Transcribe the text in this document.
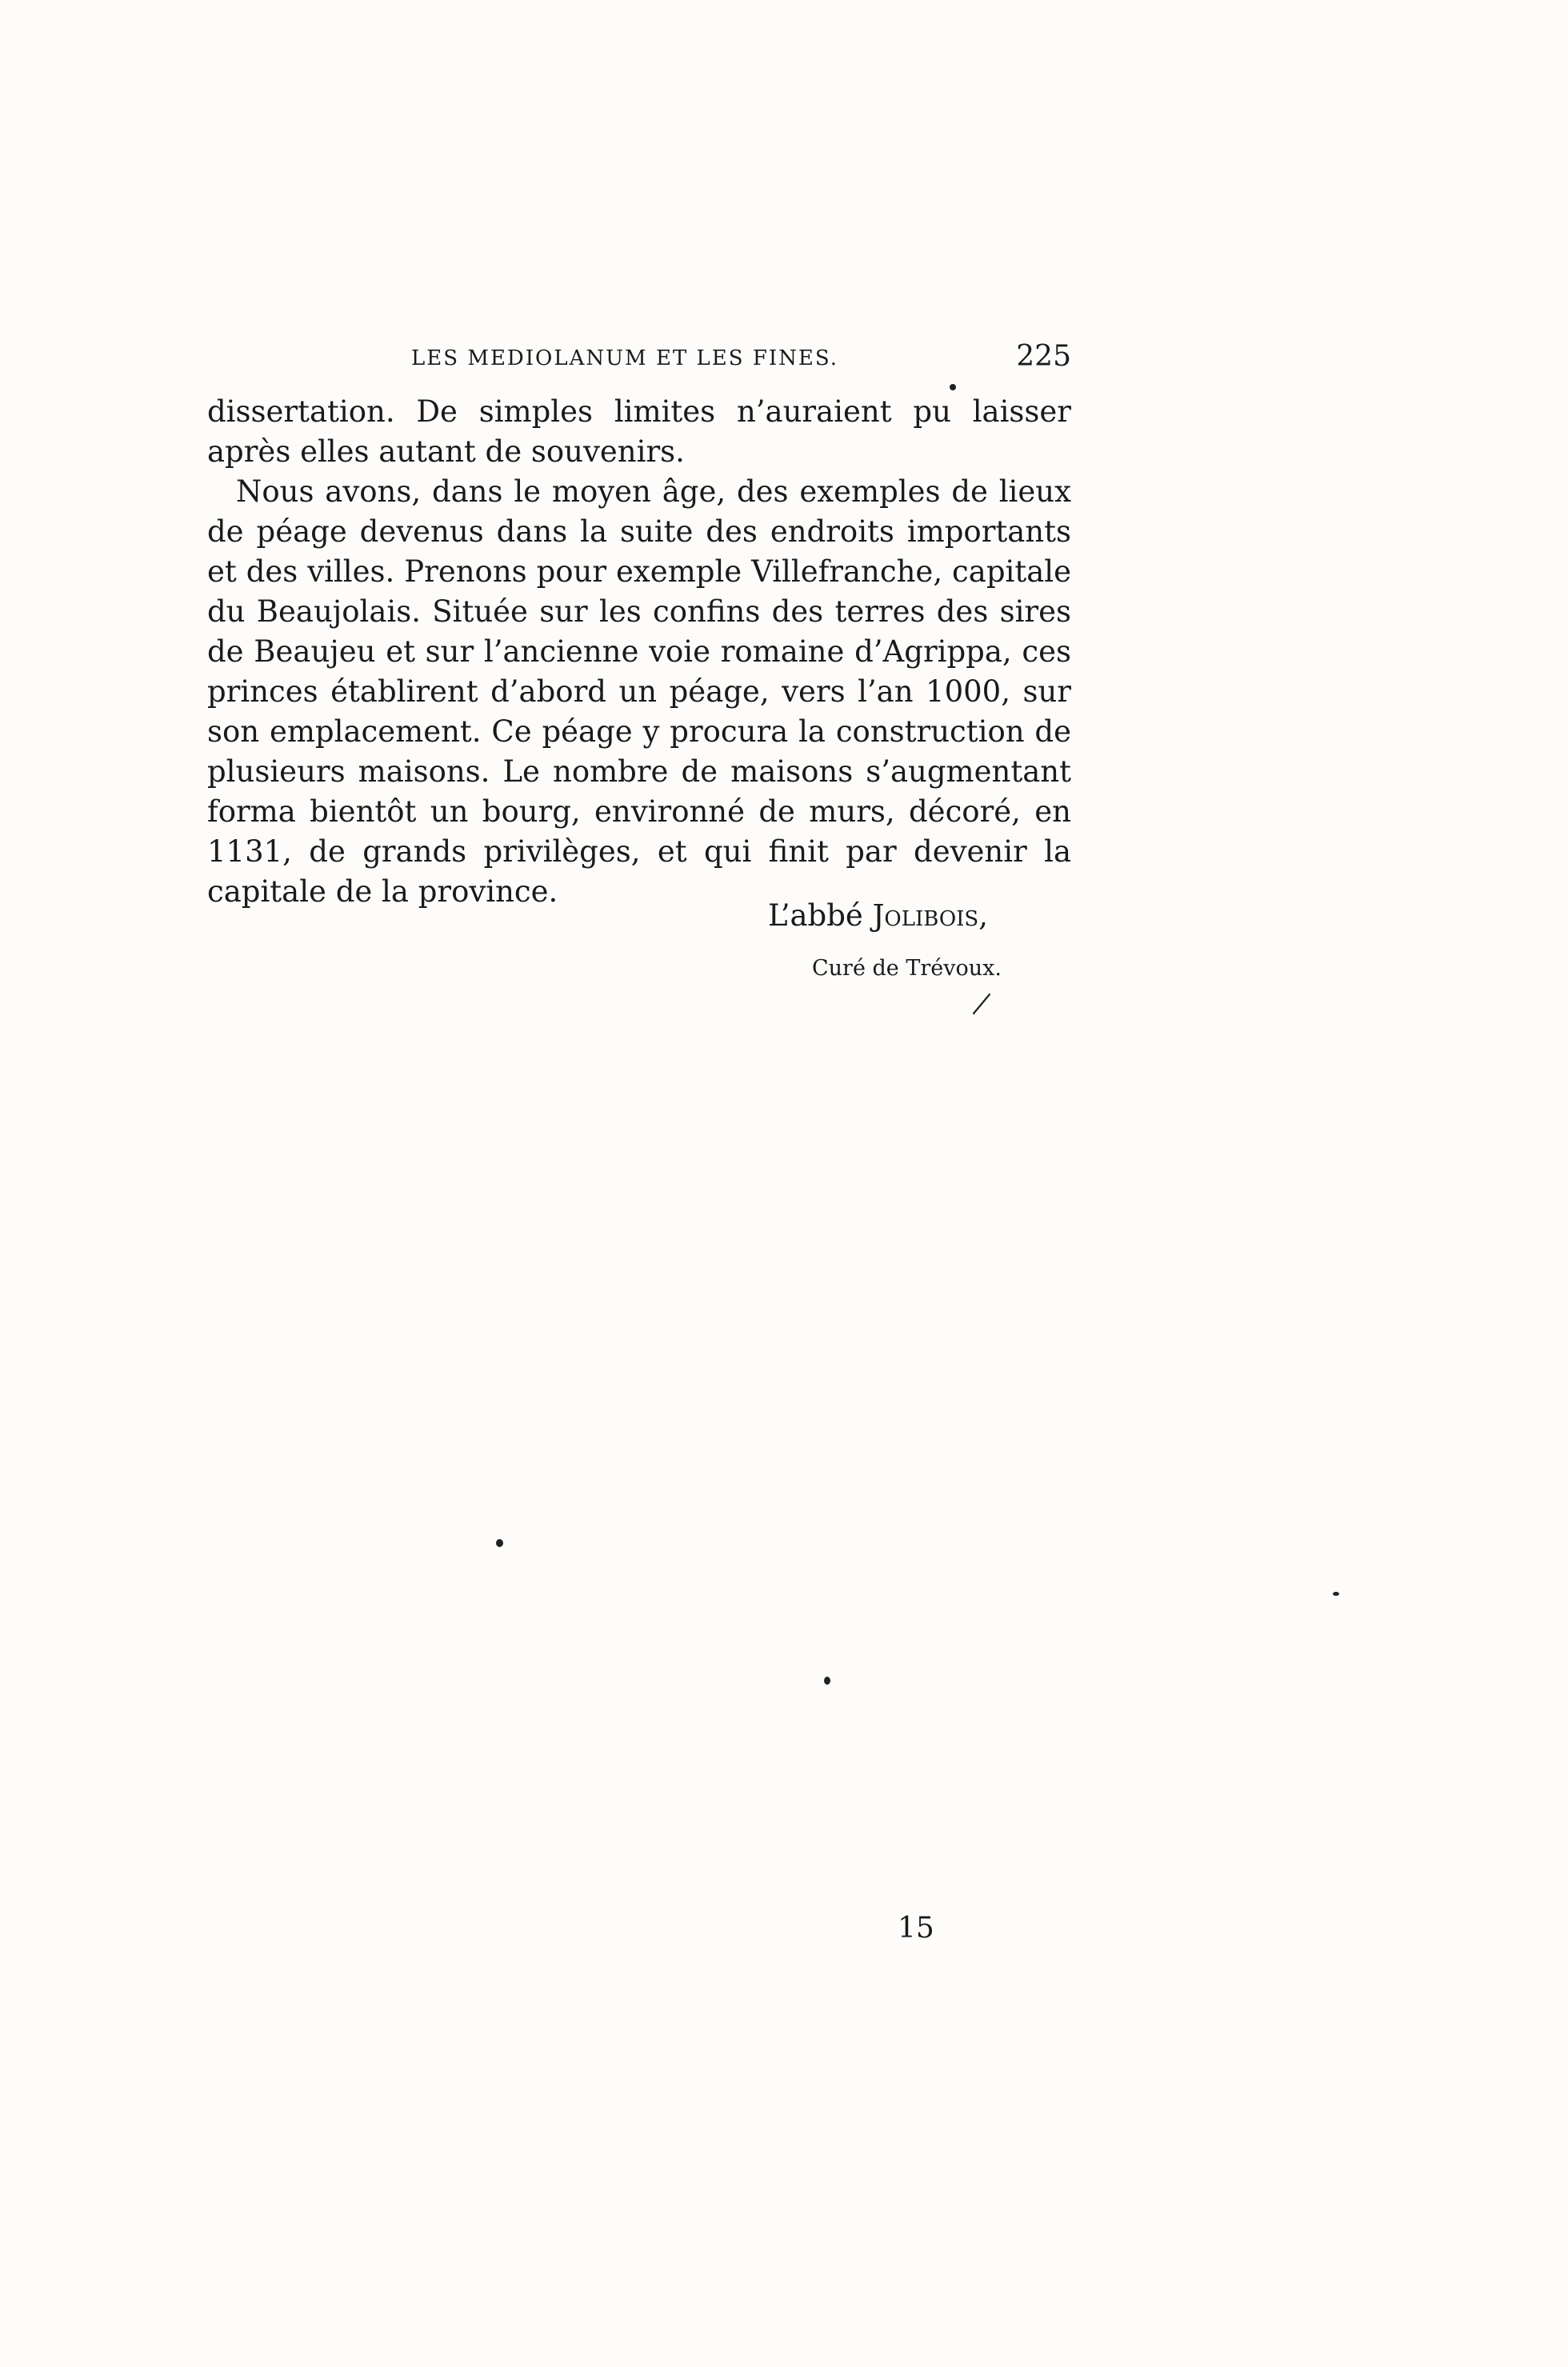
LES MEDIOLANUM ET LES FINES.	225

dissertation. De simples limites n’auraient pu laisser après elles autant de souvenirs.

Nous avons, dans le moyen âge, des exemples de lieux de péage devenus dans la suite des endroits importants et des villes. Prenons pour exemple Villefranche, capitale du Beaujolais. Située sur les confins des terres des sires de Beaujeu et sur l’ancienne voie romaine d’Agrippa, ces princes établirent d’abord un péage, vers l’an 1000, sur son emplacement. Ce péage y procura la construction de plusieurs maisons. Le nombre de maisons s’augmentant forma bientôt un bourg, environné de murs, décoré, en 1131, de grands privilèges, et qui finit par devenir la capitale de la province.

L’abbé Jolibois,
Curé de Trévoux.
15
